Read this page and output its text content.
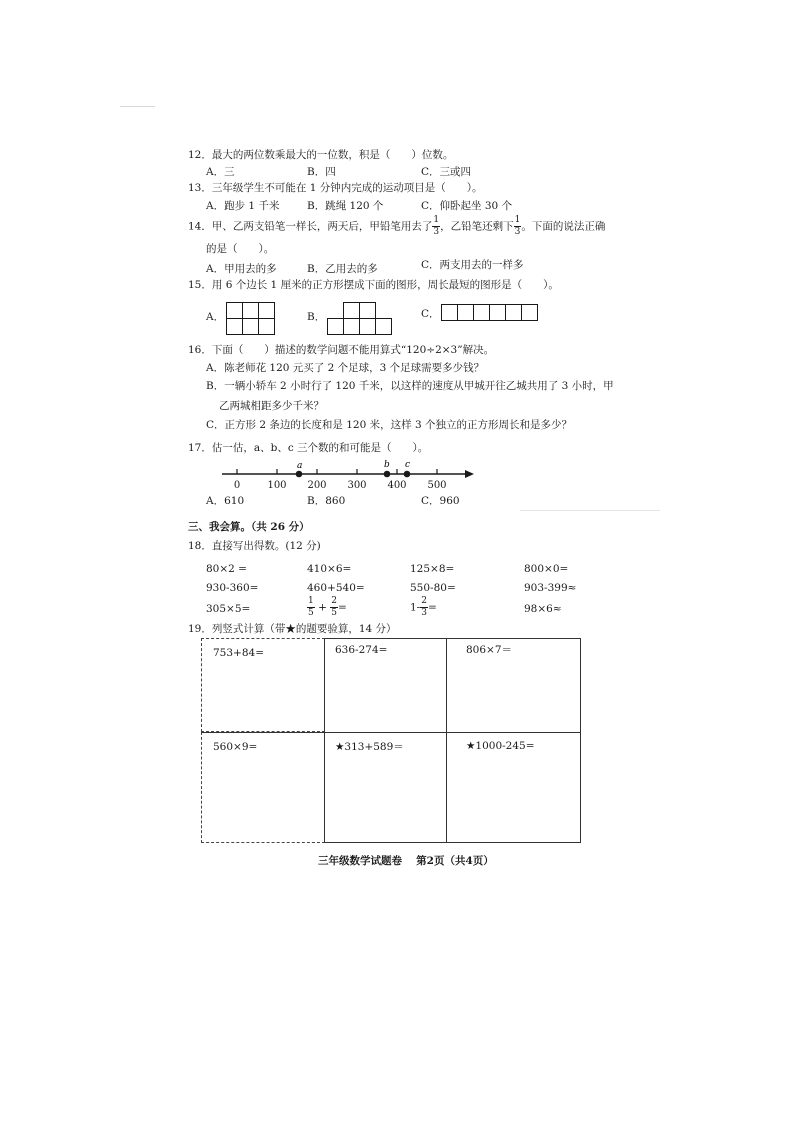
12．最大的两位数乘最大的一位数，积是（　　）位数。
A．三	B．四	C．三或四
13．三年级学生不可能在 1 分钟内完成的运动项目是（　　）。
A．跑步 1 千米	B．跳绳 120 个	C．仰卧起坐 30 个
14．甲、乙两支铅笔一样长，两天后，甲铅笔用去了 $\frac{1}{3}$ ，乙铅笔还剩下 $\frac{1}{3}$ 。下面的说法正确
的是（　　）。
A．甲用去的多	B．乙用去的多	C．两支用去的一样多
15．用 6 个边长 1 厘米的正方形摆成下面的图形，周长最短的图形是（　　）。
A．	B．	C．
16．下面（　　）描述的数学问题不能用算式“120÷2×3”解决。
A．陈老师花 120 元买了 2 个足球，3 个足球需要多少钱？
B．一辆小轿车 2 小时行了 120 千米，以这样的速度从甲城开往乙城共用了 3 小时，甲
乙两城相距多少千米？
C．正方形 2 条边的长度和是 120 米，这样 3 个独立的正方形周长和是多少？
17．估一估，a、b、c 三个数的和可能是（　　）。
0	100 200 300 400 500
a	b c
A．610	B．860	C．960
三、我会算。（共 26 分）
18．直接写出得数。(12 分)
80×2 =	410×6=	125×8=	800×0=
930-360=	460+540=	550-80=	903-399≈
305×5=	$\frac{1}{5} + \frac{2}{5}$ =	$1- \frac{2}{3}$ =	98×6≈
19．列竖式计算（带★的题要验算，14 分）
753+84=	636-274=	806×7＝
560×9=	★313+589＝	★1000-245=
三年级数学试题卷　 第2页（共4页）
